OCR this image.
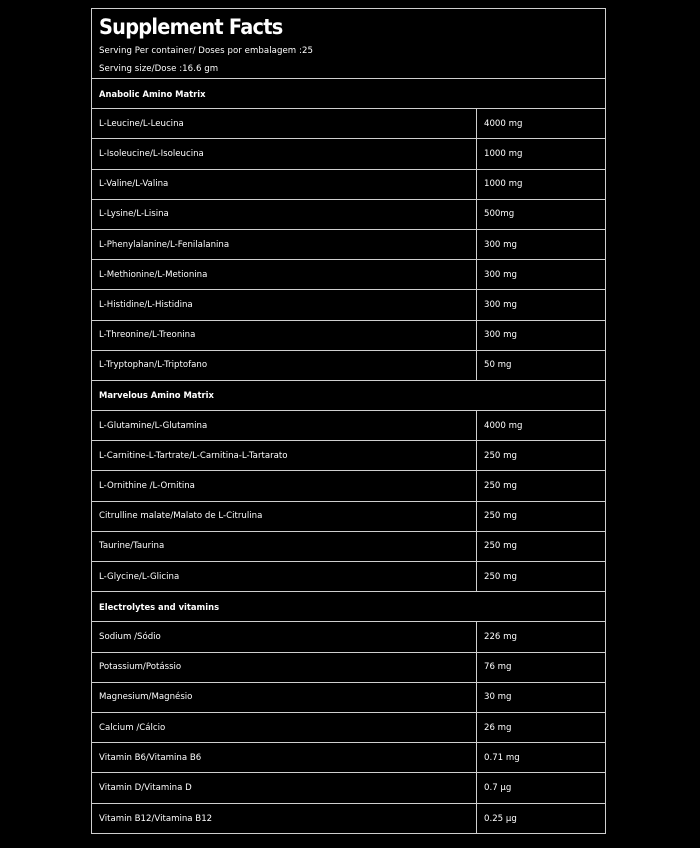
Supplement Facts
Serving Per container/ Doses por embalagem :25
Serving size/Dose :16.6 gm
Anabolic Amino Matrix
L-Leucine/L-Leucina	4000 mg
L-Isoleucine/L-Isoleucina	1000 mg
L-Valine/L-Valina	1000 mg
L-Lysine/L-Lisina	500mg
L-Phenylalanine/L-Fenilalanina	300 mg
L-Methionine/L-Metionina	300 mg
L-Histidine/L-Histidina	300 mg
L-Threonine/L-Treonina	300 mg
L-Tryptophan/L-Triptofano	50 mg
Marvelous Amino Matrix
L-Glutamine/L-Glutamina	4000 mg
L-Carnitine-L-Tartrate/L-Carnitina-L-Tartarato	250 mg
L-Ornithine /L-Ornitina	250 mg
Citrulline malate/Malato de L-Citrulina	250 mg
Taurine/Taurina	250 mg
L-Glycine/L-Glicina	250 mg
Electrolytes and vitamins
Sodium /Sódio	226 mg
Potassium/Potássio	76 mg
Magnesium/Magnésio	30 mg
Calcium /Cálcio	26 mg
Vitamin B6/Vitamina B6	0.71 mg
Vitamin D/Vitamina D	0.7 µg
Vitamin B12/Vitamina B12	0.25 µg
